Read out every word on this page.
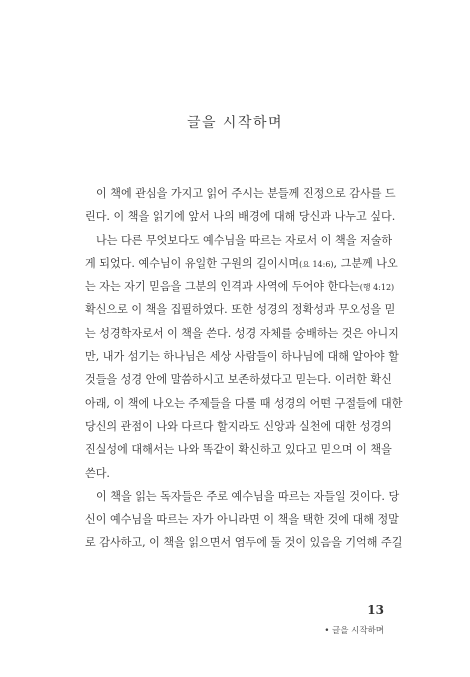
글을 시작하며
이 책에 관심을 가지고 읽어 주시는 분들께 진정으로 감사를 드
린다. 이 책을 읽기에 앞서 나의 배경에 대해 당신과 나누고 싶다.
나는 다른 무엇보다도 예수님을 따르는 자로서 이 책을 저술하
게 되었다. 예수님이 유일한 구원의 길이시며(요 14:6), 그분께 나오
는 자는 자기 믿음을 그분의 인격과 사역에 두어야 한다는(행 4:12)
확신으로 이 책을 집필하였다. 또한 성경의 정확성과 무오성을 믿
는 성경학자로서 이 책을 쓴다. 성경 자체를 숭배하는 것은 아니지
만, 내가 섬기는 하나님은 세상 사람들이 하나님에 대해 알아야 할
것들을 성경 안에 말씀하시고 보존하셨다고 믿는다. 이러한 확신
아래, 이 책에 나오는 주제들을 다룰 때 성경의 어떤 구절들에 대한
당신의 관점이 나와 다르다 할지라도 신앙과 실천에 대한 성경의
진실성에 대해서는 나와 똑같이 확신하고 있다고 믿으며 이 책을
쓴다.
이 책을 읽는 독자들은 주로 예수님을 따르는 자들일 것이다. 당
신이 예수님을 따르는 자가 아니라면 이 책을 택한 것에 대해 정말
로 감사하고, 이 책을 읽으면서 염두에 둘 것이 있음을 기억해 주길
13
• 글을 시작하며
